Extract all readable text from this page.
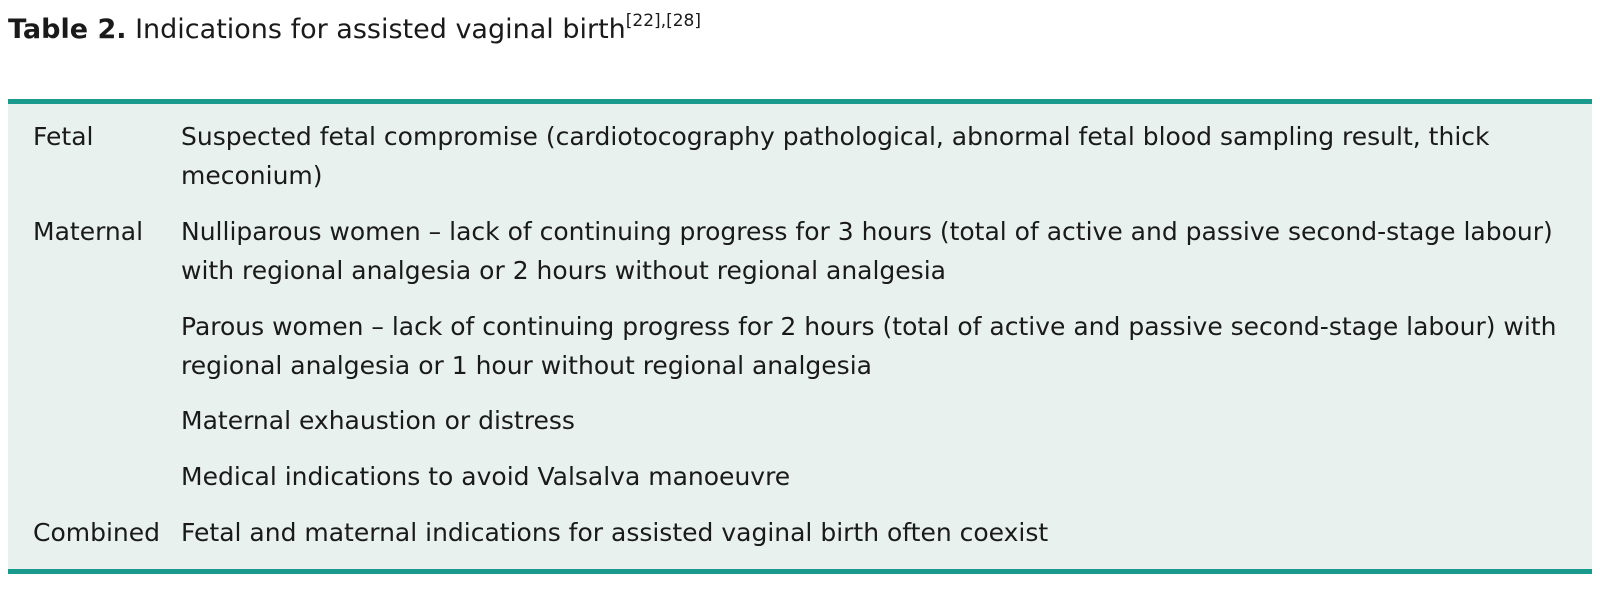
Table 2. Indications for assisted vaginal birth[22],[28]
Fetal	Suspected fetal compromise (cardiotocography pathological, abnormal fetal blood sampling result, thick meconium)
Maternal Nulliparous women – lack of continuing progress for 3 hours (total of active and passive second-stage labour) with regional analgesia or 2 hours without regional analgesia
Parous women – lack of continuing progress for 2 hours (total of active and passive second-stage labour) with regional analgesia or 1 hour without regional analgesia
Maternal exhaustion or distress
Medical indications to avoid Valsalva manoeuvre
Combined Fetal and maternal indications for assisted vaginal birth often coexist
